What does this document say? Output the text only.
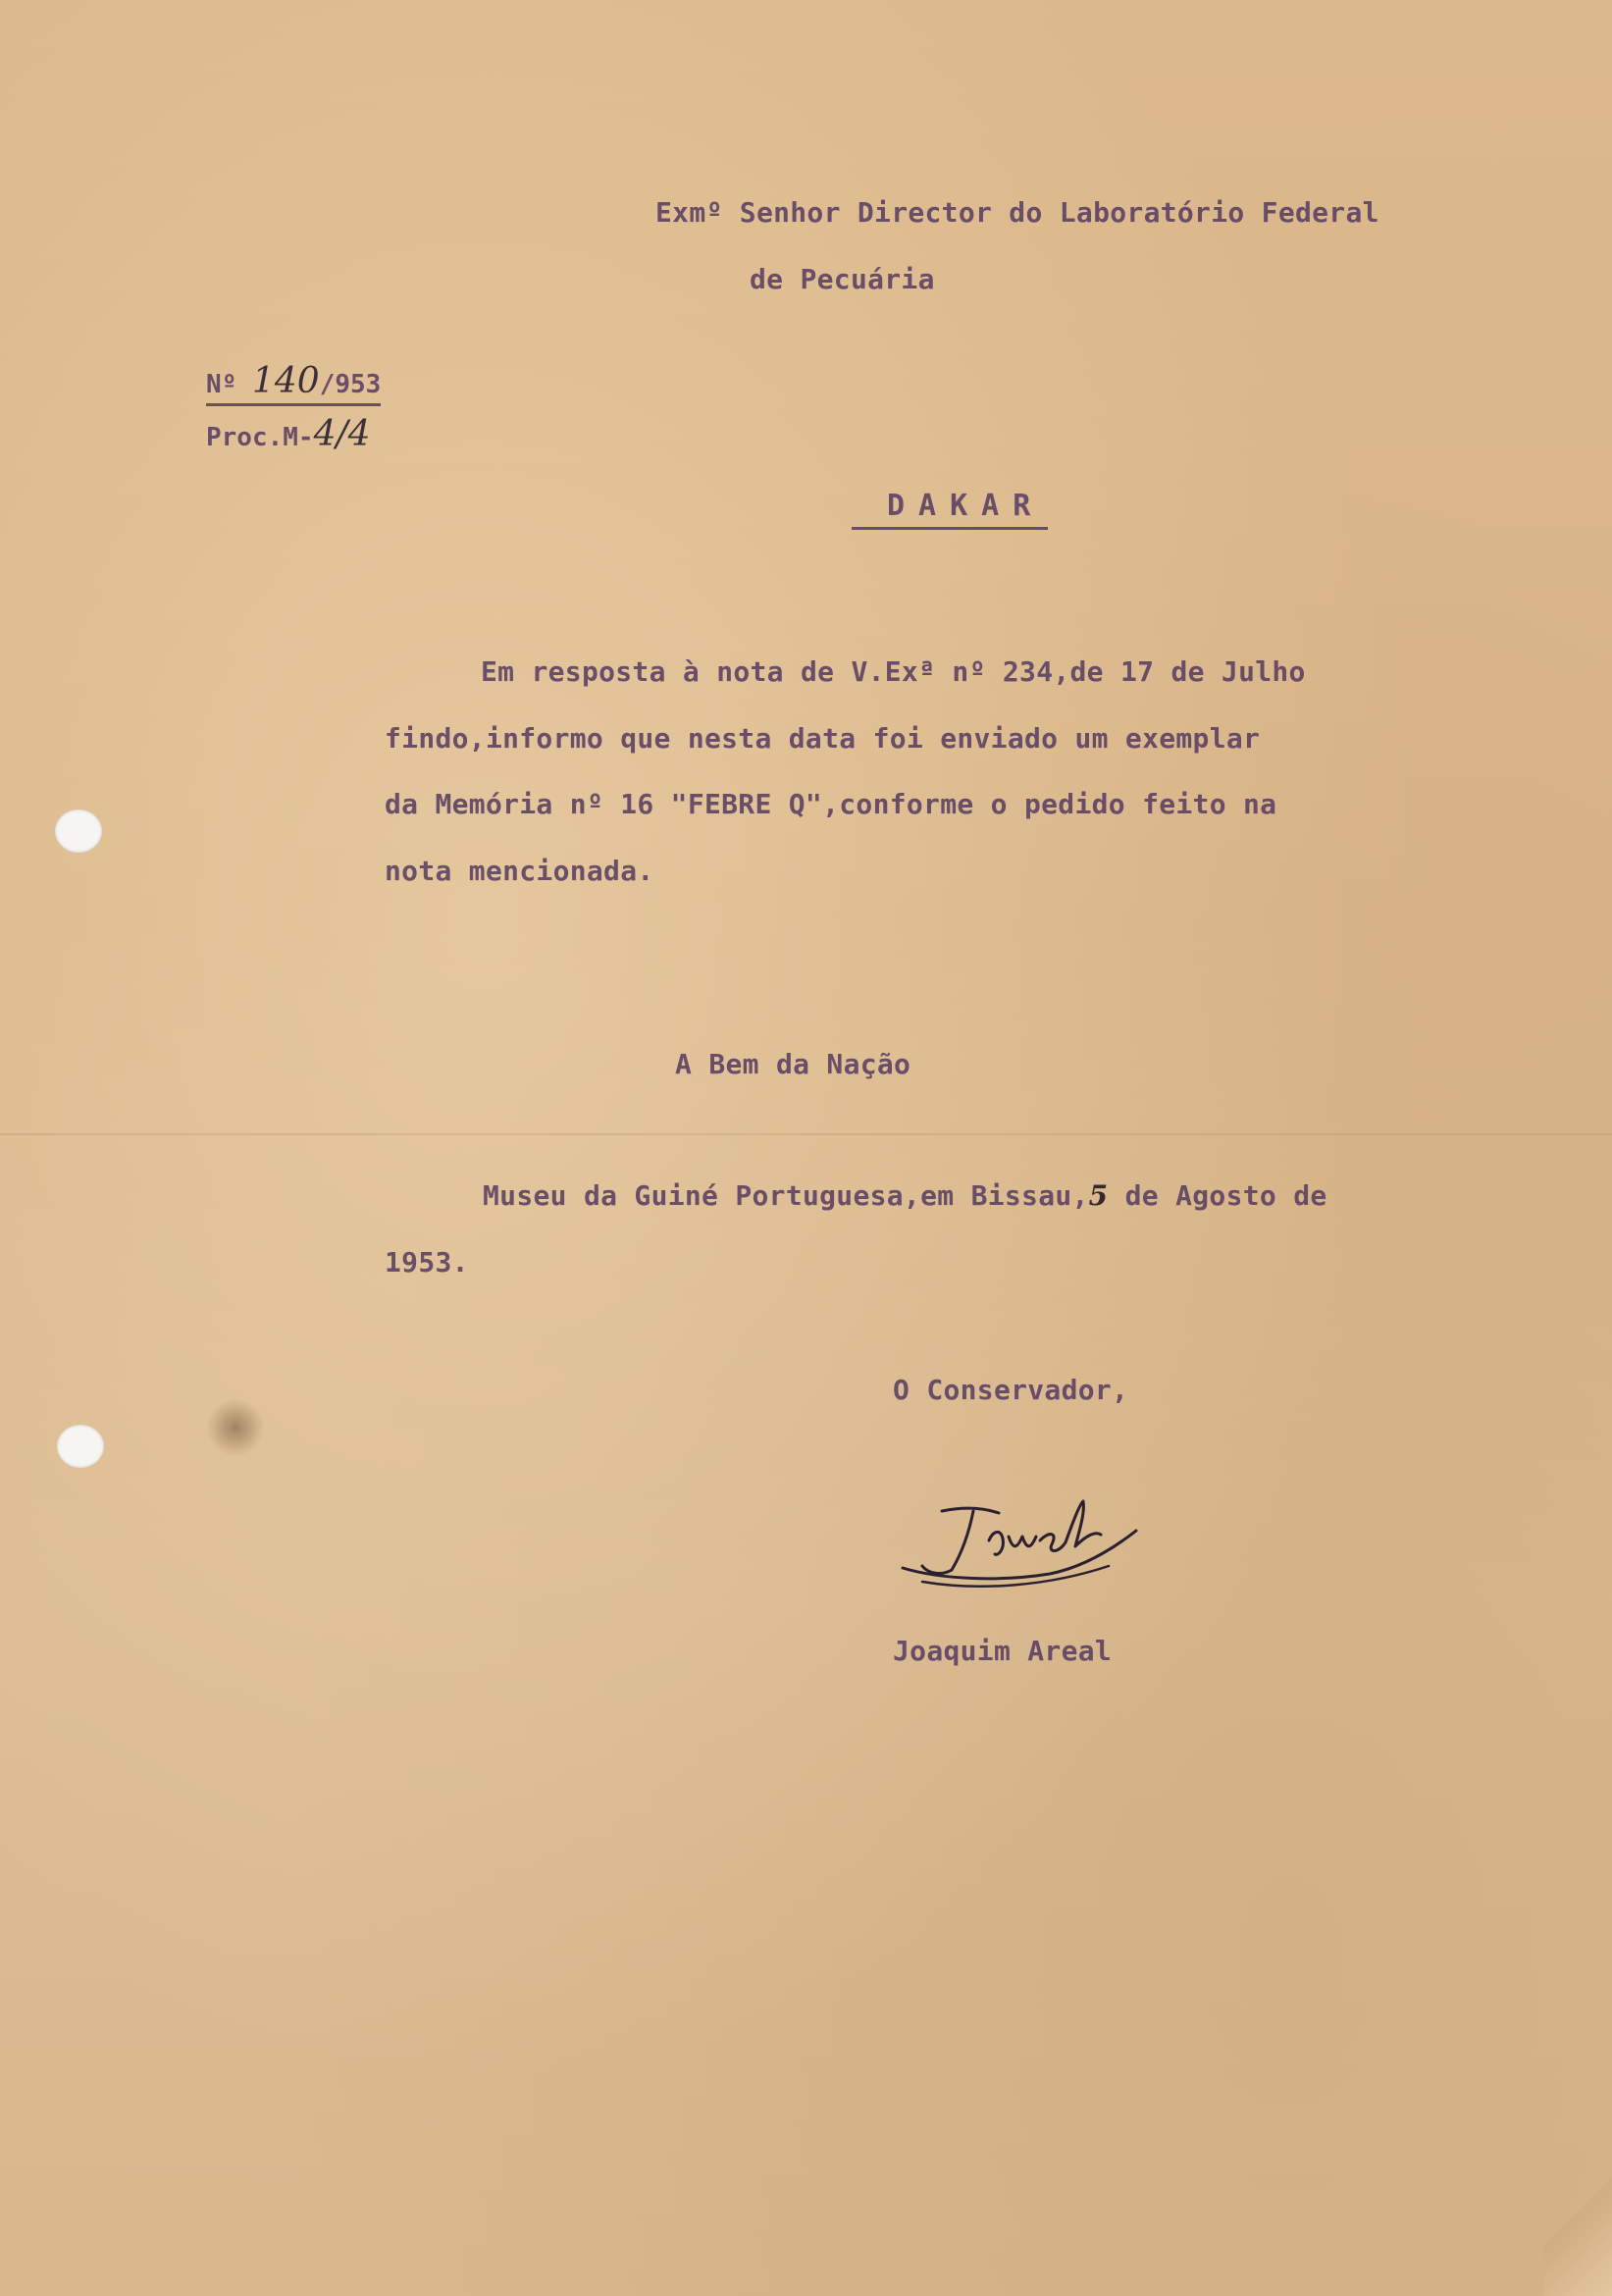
Exmº Senhor Director do Laboratório Federal
de Pecuária
Nº 140/953
Proc.M-4/4
DAKAR
Em resposta à nota de V.Exª nº 234,de 17 de Julho
findo,informo que nesta data foi enviado um exemplar
da Memória nº 16 "FEBRE Q",conforme o pedido feito na
nota mencionada.
A Bem da Nação
Museu da Guiné Portuguesa,em Bissau,5 de Agosto de
1953.
O Conservador,
Joaquim Areal
